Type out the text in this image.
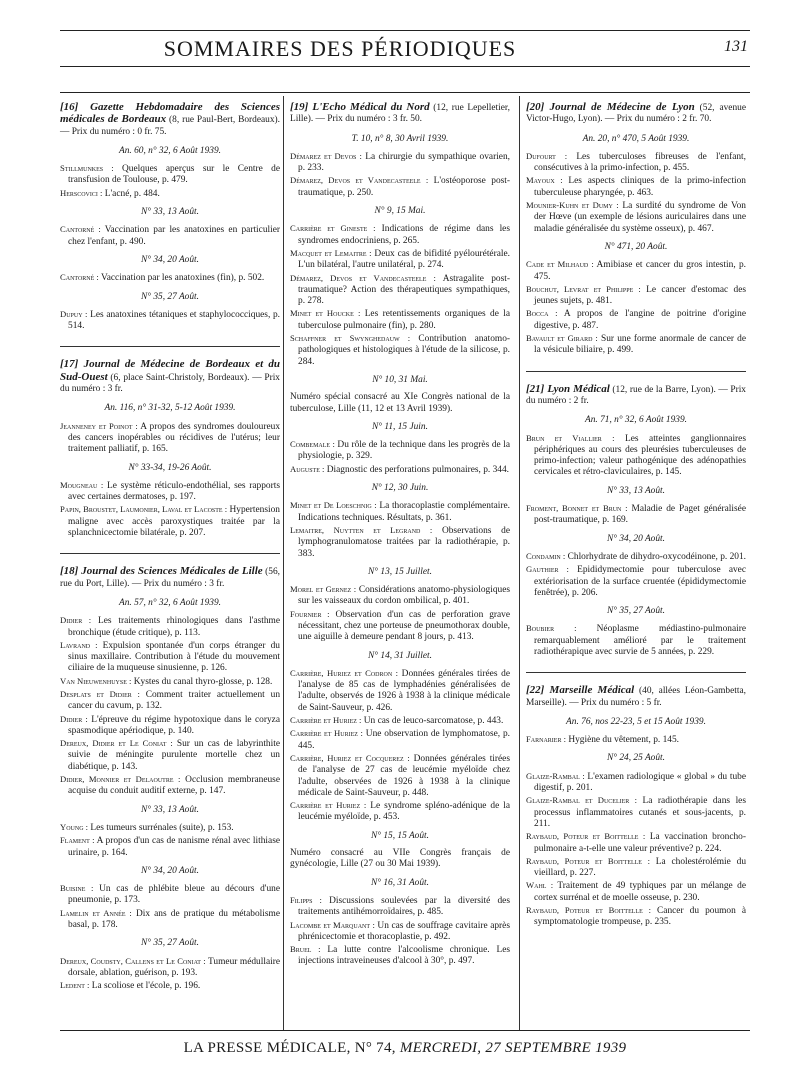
SOMMAIRES DES PÉRIODIQUES	131
[16] Gazette Hebdomadaire des Sciences médicales de Bordeaux (8, rue Paul-Bert, Bordeaux). — Prix du numéro : 0 fr. 75.
An. 60, n° 32, 6 Août 1939.
Stillmunkes : Quelques aperçus sur le Centre de transfusion de Toulouse, p. 479.
Herscovici : L'acné, p. 484.
N° 33, 13 Août.
Cantorné : Vaccination par les anatoxines en particulier chez l'enfant, p. 490.
N° 34, 20 Août.
Cantorné : Vaccination par les anatoxines (fin), p. 502.
N° 35, 27 Août.
Dupuy : Les anatoxines tétaniques et staphylococciques, p. 514.
[17] Journal de Médecine de Bordeaux et du Sud-Ouest (6, place Saint-Christoly, Bordeaux). — Prix du numéro : 3 fr.
An. 116, n° 31-32, 5-12 Août 1939.
Jeanneney et Poinot : A propos des syndromes douloureux des cancers inopérables ou récidives de l'utérus; leur traitement palliatif, p. 165.
N° 33-34, 19-26 Août.
Mougneau : Le système réticulo-endothélial, ses rapports avec certaines dermatoses, p. 197.
Papin, Broustet, Laumonier, Laval et Lacoste : Hypertension maligne avec accès paroxystiques traitée par la splanchnicectomie bilatérale, p. 207.
[18] Journal des Sciences Médicales de Lille (56, rue du Port, Lille). — Prix du numéro : 3 fr.
An. 57, n° 32, 6 Août 1939.
Didier : Les traitements rhinologiques dans l'asthme bronchique (étude critique), p. 113.
Lavrand : Expulsion spontanée d'un corps étranger du sinus maxillaire. Contribution à l'étude du mouvement ciliaire de la muqueuse sinusienne, p. 126.
Van Nieuwenhuyse : Kystes du canal thyro-glosse, p. 128.
Desplats et Didier : Comment traiter actuellement un cancer du cavum, p. 132.
Didier : L'épreuve du régime hypotoxique dans le coryza spasmodique apériodique, p. 140.
Dereux, Didier et Le Coniat : Sur un cas de labyrinthite suivie de méningite purulente mortelle chez un diabétique, p. 143.
Didier, Monnier et Delaoutre : Occlusion membraneuse acquise du conduit auditif externe, p. 147.
N° 33, 13 Août.
Young : Les tumeurs surrénales (suite), p. 153.
Flament : A propos d'un cas de nanisme rénal avec lithiase urinaire, p. 164.
N° 34, 20 Août.
Buisine : Un cas de phlébite bleue au décours d'une pneumonie, p. 173.
Lamelin et Année : Dix ans de pratique du métabolisme basal, p. 178.
N° 35, 27 Août.
Dereux, Coudsty, Callens et Le Coniat : Tumeur médullaire dorsale, ablation, guérison, p. 193.
Ledent : La scoliose et l'école, p. 196.
[19] L'Echo Médical du Nord (12, rue Lepelletier, Lille). — Prix du numéro : 3 fr. 50.
T. 10, n° 8, 30 Avril 1939.
Démarez et Devos : La chirurgie du sympathique ovarien, p. 233.
Démarez, Devos et Vandecasteele : L'ostéoporose post-traumatique, p. 250.
N° 9, 15 Mai.
Carrière et Gineste : Indications de régime dans les syndromes endocriniens, p. 265.
Macquet et Lemaitre : Deux cas de bifidité pyélourétérale. L'un bilatéral, l'autre unilatéral, p. 274.
Démarez, Devos et Vandecasteele : Astragalite post-traumatique? Action des thérapeutiques sympathiques, p. 278.
Minet et Houcke : Les retentissements organiques de la tuberculose pulmonaire (fin), p. 280.
Schaffner et Swynghedauw : Contribution anatomo-pathologiques et histologiques à l'étude de la silicose, p. 284.
N° 10, 31 Mai.
Numéro spécial consacré au XIe Congrès national de la tuberculose, Lille (11, 12 et 13 Avril 1939).
N° 11, 15 Juin.
Combemale : Du rôle de la technique dans les progrès de la physiologie, p. 329.
Auguste : Diagnostic des perforations pulmonaires, p. 344.
N° 12, 30 Juin.
Minet et De Loeschnig : La thoracoplastie complémentaire. Indications techniques. Résultats, p. 361.
Lemaitre, Nuytten et Legrand : Observations de lymphogranulomatose traitées par la radiothérapie, p. 383.
N° 13, 15 Juillet.
Morel et Gernez : Considérations anatomo-physiologiques sur les vaisseaux du cordon ombilical, p. 401.
Fournier : Observation d'un cas de perforation grave nécessitant, chez une porteuse de pneumothorax double, une aiguille à demeure pendant 8 jours, p. 413.
N° 14, 31 Juillet.
Carrière, Huriez et Codron : Données générales tirées de l'analyse de 85 cas de lymphadénies généralisées de l'adulte, observés de 1926 à 1938 à la clinique médicale de Saint-Sauveur, p. 426.
Carrière et Huriez : Un cas de leuco-sarcomatose, p. 443.
Carrière et Huriez : Une observation de lymphomatose, p. 445.
Carrière, Huriez et Cocquerez : Données générales tirées de l'analyse de 27 cas de leucémie myéloïde chez l'adulte, observées de 1926 à 1938 à la clinique médicale de Saint-Sauveur, p. 448.
Carrière et Huriez : Le syndrome spléno-adénique de la leucémie myéloïde, p. 453.
N° 15, 15 Août.
Numéro consacré au VIIe Congrès français de gynécologie, Lille (27 ou 30 Mai 1939).
N° 16, 31 Août.
Filipps : Discussions soulevées par la diversité des traitements antihémorroïdaires, p. 485.
Lacombe et Marquant : Un cas de souffrage cavitaire après phrénicectomie et thoracoplastie, p. 492.
Bruel : La lutte contre l'alcoolisme chronique. Les injections intraveineuses d'alcool à 30°, p. 497.
[20] Journal de Médecine de Lyon (52, avenue Victor-Hugo, Lyon). — Prix du numéro : 2 fr. 70.
An. 20, n° 470, 5 Août 1939.
Dufourt : Les tuberculoses fibreuses de l'enfant, consécutives à la primo-infection, p. 455.
Mayoux : Les aspects cliniques de la primo-infection tuberculeuse pharyngée, p. 463.
Mounier-Kuhn et Dumy : La surdité du syndrome de Von der Hœve (un exemple de lésions auriculaires dans une maladie généralisée du système osseux), p. 467.
N° 471, 20 Août.
Cade et Milhaud : Amibiase et cancer du gros intestin, p. 475.
Bouchut, Levrat et Philippe : Le cancer d'estomac des jeunes sujets, p. 481.
Bocca : A propos de l'angine de poitrine d'origine digestive, p. 487.
Bavault et Girard : Sur une forme anormale de cancer de la vésicule biliaire, p. 499.
[21] Lyon Médical (12, rue de la Barre, Lyon). — Prix du numéro : 2 fr.
An. 71, n° 32, 6 Août 1939.
Brun et Viallier : Les atteintes ganglionnaires périphériques au cours des pleurésies tuberculeuses de primo-infection; valeur pathogénique des adénopathies cervicales et rétro-claviculaires, p. 145.
N° 33, 13 Août.
Froment, Bonnet et Brun : Maladie de Paget généralisée post-traumatique, p. 169.
N° 34, 20 Août.
Condamin : Chlorhydrate de dihydro-oxycodéinone, p. 201.
Gauthier : Epididymectomie pour tuberculose avec extériorisation de la surface cruentée (épididymectomie fenêtrée), p. 206.
N° 35, 27 Août.
Boubier : Néoplasme médiastino-pulmonaire remarquablement amélioré par le traitement radiothérapique avec survie de 5 années, p. 229.
[22] Marseille Médical (40, allées Léon-Gambetta, Marseille). — Prix du numéro : 5 fr.
An. 76, nos 22-23, 5 et 15 Août 1939.
Farnarier : Hygiène du vêtement, p. 145.
N° 24, 25 Août.
Glaize-Rambal : L'examen radiologique « global » du tube digestif, p. 201.
Glaize-Rambal et Ducelier : La radiothérapie dans les processus inflammatoires cutanés et sous-jacents, p. 211.
Raybaud, Poteur et Boittelle : La vaccination broncho-pulmonaire a-t-elle une valeur préventive? p. 224.
Raybaud, Poteur et Boittelle : La cholestérolémie du vieillard, p. 227.
Wahl : Traitement de 49 typhiques par un mélange de cortex surrénal et de moelle osseuse, p. 230.
Raybaud, Poteur et Boittelle : Cancer du poumon à symptomatologie trompeuse, p. 235.
LA PRESSE MÉDICALE, N° 74, MERCREDI, 27 SEPTEMBRE 1939
